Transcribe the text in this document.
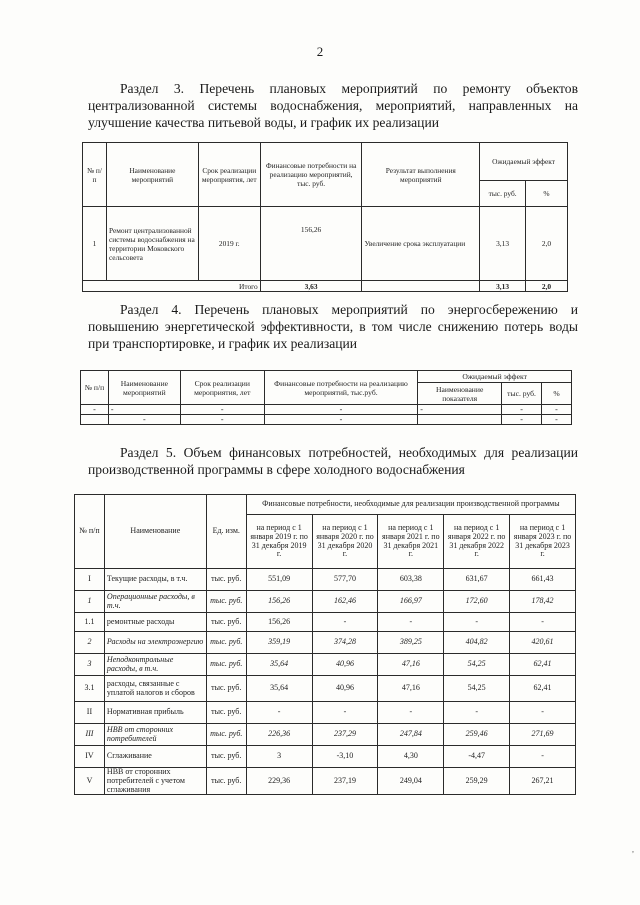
2
Раздел 3. Перечень плановых мероприятий по ремонту объектов централизованной системы водоснабжения, мероприятий, направленных на улучшение качества питьевой воды, и график их реализации
№ п/ п	Наименование мероприятий	Срок реализации мероприятия, лет	Финансовые потребности на реализацию мероприятий, тыс. руб.	Результат выполнения мероприятий	Ожидаемый эффект	
					тыс. руб.	%
1	Ремонт централизованной системы водоснабжения на территории Моковского сельсовета	2019 г.	156,26	Увеличение срока эксплуатации	3,13	2,0
Итого			3,63		3,13	2,0
Раздел 4. Перечень плановых мероприятий по энергосбережению и повышению энергетической эффективности, в том числе снижению потерь воды при транспортировке, и график их реализации
№ п/п	Наименование мероприятий	Срок реализации мероприятия, лет	Финансовые потребности на реализацию мероприятий, тыс.руб.	Ожидаемый эффект		
				Наименование показателя	тыс. руб.	%
-	-	-	-	-	-	-
	-	-	-		-	-
Раздел 5. Объем финансовых потребностей, необходимых для реализации производственной программы в сфере холодного водоснабжения
№ п/п	Наименование	Ед. изм.	Финансовые потребности, необходимые для реализации производственной программы				
			на период с 1 января 2019 г. по 31 декабря 2019 г.	на период с 1 января 2020 г. по 31 декабря 2020 г.	на период с 1 января 2021 г. по 31 декабря 2021 г.	на период с 1 января 2022 г. по 31 декабря 2022 г.	на период с 1 января 2023 г. по 31 декабря 2023 г.
I	Текущие расходы, в т.ч.	тыс. руб.	551,09	577,70	603,38	631,67	661,43
1	Операционные расходы, в т.ч.	тыс. руб.	156,26	162,46	166,97	172,60	178,42
1.1	ремонтные расходы	тыс. руб.	156,26	-	-	-	-
2	Расходы на электроэнергию	тыс. руб.	359,19	374,28	389,25	404,82	420,61
3	Неподконтрольные расходы, в т.ч.	тыс. руб.	35,64	40,96	47,16	54,25	62,41
3.1	расходы, связанные с уплатой налогов и сборов	тыс. руб.	35,64	40,96	47,16	54,25	62,41
II	Нормативная прибыль	тыс. руб.	-	-	-	-	-
III	НВВ от сторонних потребителей	тыс. руб.	226,36	237,29	247,84	259,46	271,69
IV	Сглаживание	тыс. руб.	3	-3,10	4,30	-4,47	-
V	НВВ от сторонних потребителей с учетом сглаживания	тыс. руб.	229,36	237,19	249,04	259,29	267,21
,
